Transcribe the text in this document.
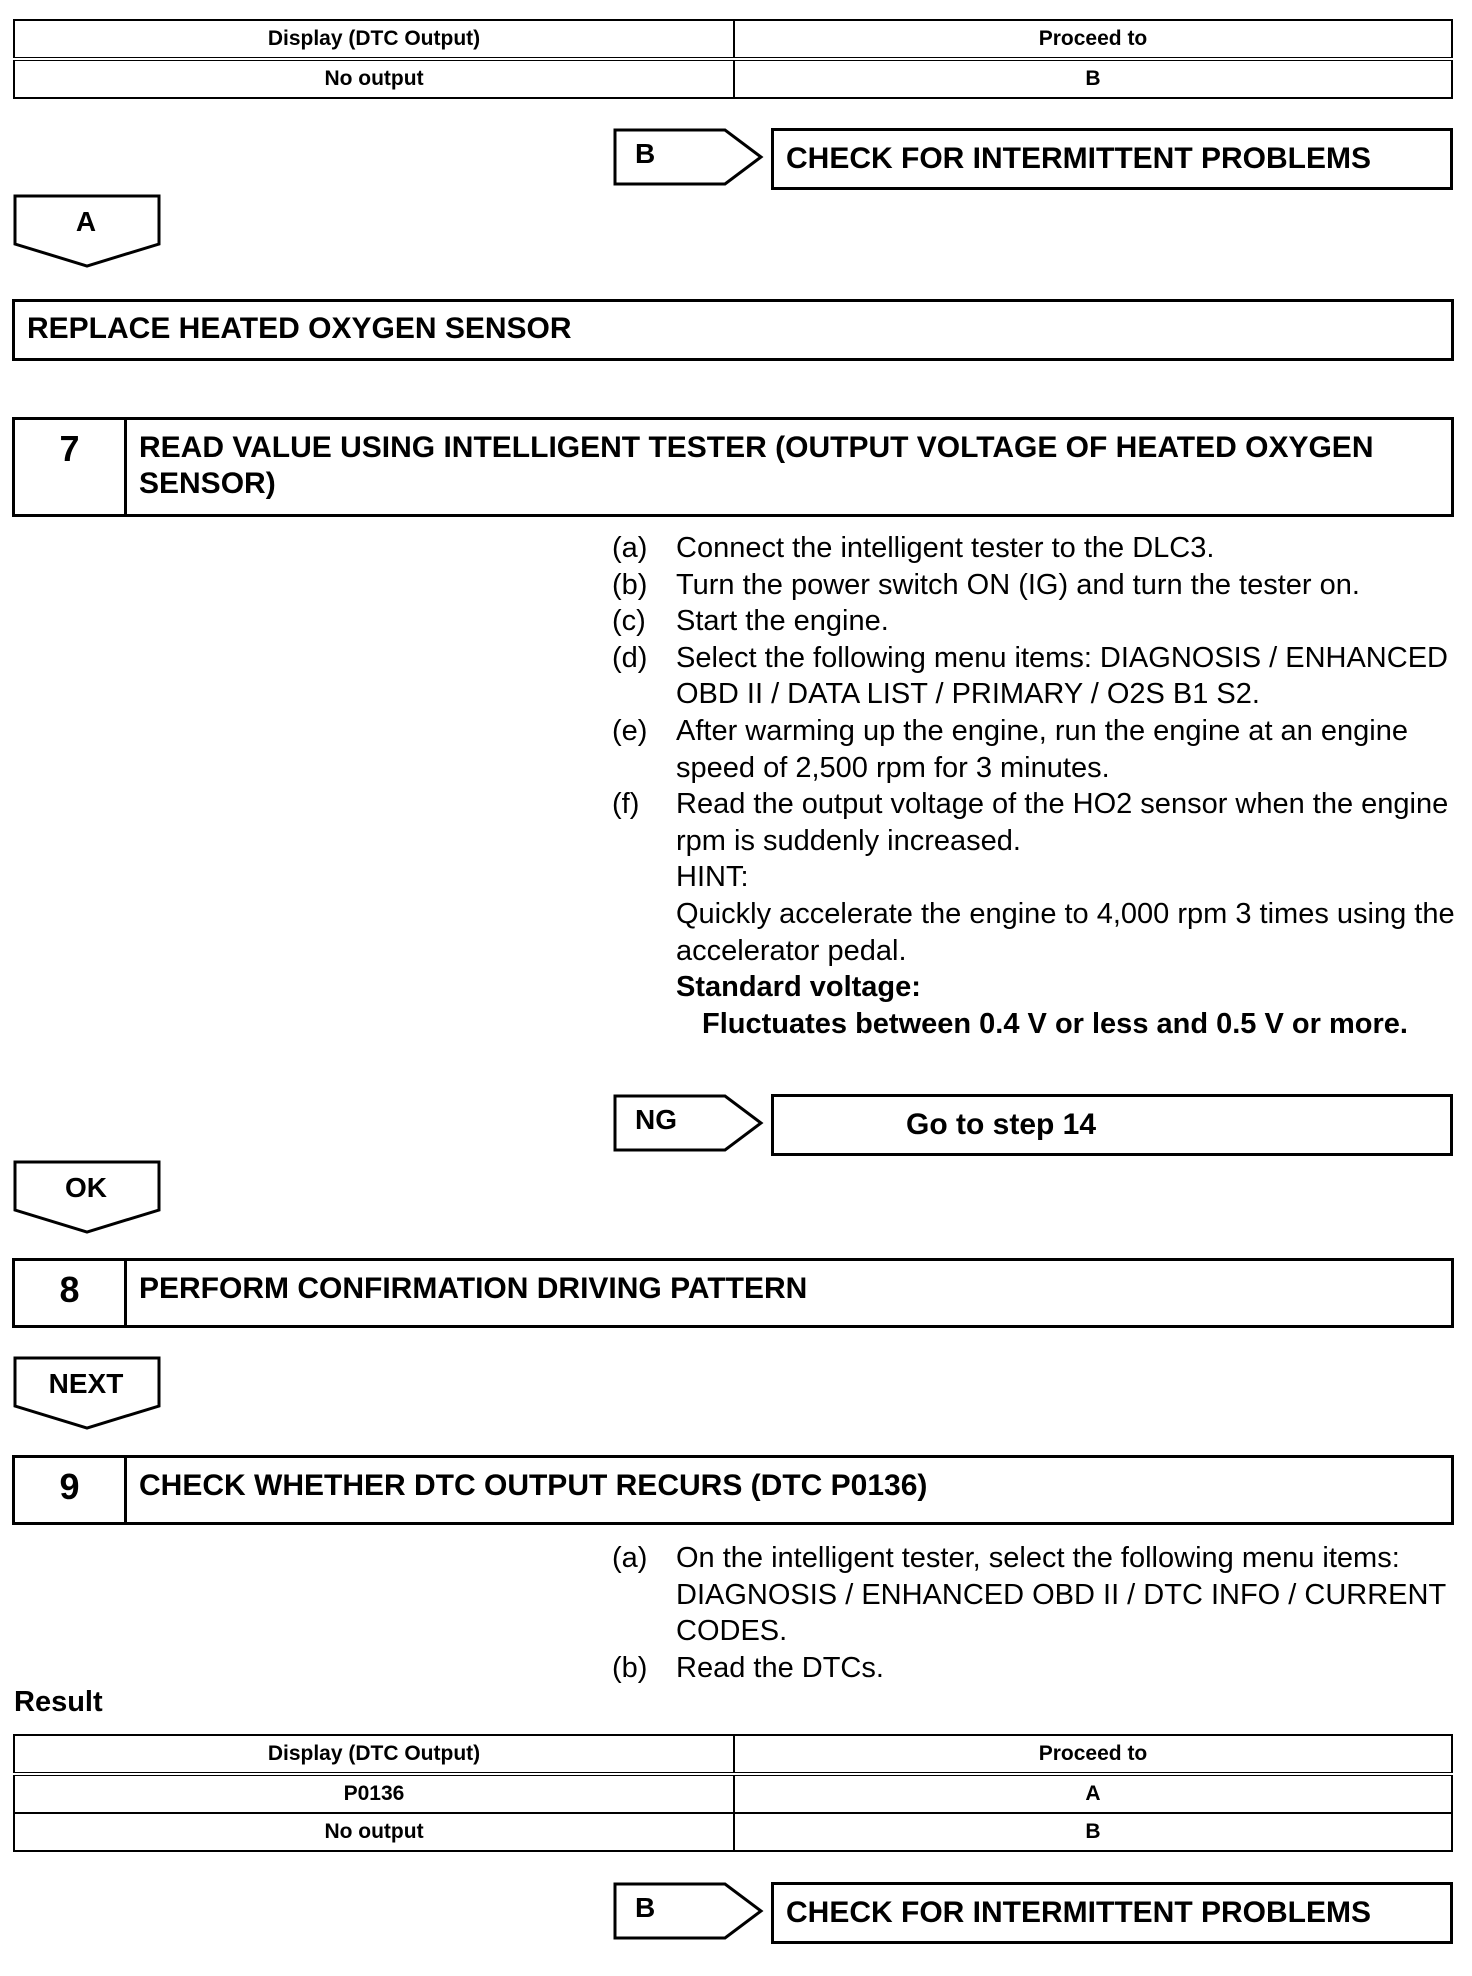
Display (DTC Output)	Proceed to
No output	B
B	CHECK FOR INTERMITTENT PROBLEMS
A
REPLACE HEATED OXYGEN SENSOR
7	READ VALUE USING INTELLIGENT TESTER (OUTPUT VOLTAGE OF HEATED OXYGEN SENSOR)
(a) Connect the intelligent tester to the DLC3.
(b) Turn the power switch ON (IG) and turn the tester on.
(c)	Start the engine.
(d) Select the following menu items: DIAGNOSIS / ENHANCED OBD II / DATA LIST / PRIMARY / O2S B1 S2.
(e) After warming up the engine, run the engine at an engine speed of 2,500 rpm for 3 minutes.
(f)	Read the output voltage of the HO2 sensor when the engine rpm is suddenly increased.
HINT:
Quickly accelerate the engine to 4,000 rpm 3 times using the accelerator pedal.
Standard voltage:
Fluctuates between 0.4 V or less and 0.5 V or more.
NG	Go to step 14
OK
8	PERFORM CONFIRMATION DRIVING PATTERN
NEXT
9	CHECK WHETHER DTC OUTPUT RECURS (DTC P0136)
(a) On the intelligent tester, select the following menu items: DIAGNOSIS / ENHANCED OBD II / DTC INFO / CURRENT CODES.
(b) Read the DTCs.
Result
Display (DTC Output)	Proceed to
P0136	A
No output	B
B	CHECK FOR INTERMITTENT PROBLEMS
